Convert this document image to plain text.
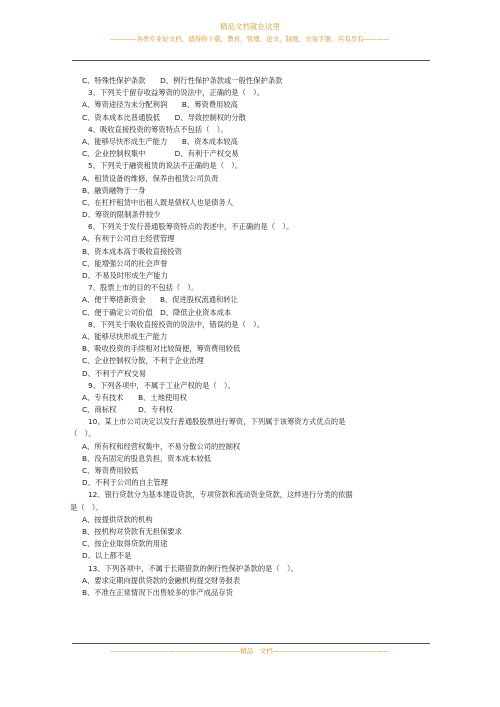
精品文档就在这里
————各类专业好文档，值得你下载，教育，管理，论文，制度，方案手册，应有尽有————
C、特殊性保护条款　　D、例行性保护条款或一般性保护条款
3、下列关于留存收益筹资的说法中，正确的是（　）。
A、筹资途径为未分配利润　　B、筹资费用较高
C、资本成本比普通股低　　D、导致控制权的分散
4、吸收直接投资的筹资特点不包括（　）。
A、能够尽快形成生产能力　　B、资本成本较高
C、企业控制权集中　　　　D、有利于产权交易
5、下列关于融资租赁的说法不正确的是（　）。
A、租赁设备的维修，保养由租赁公司负责
B、融资融物于一身
C、在杠杆租赁中出租人既是债权人也是债务人
D、筹资的限制条件较少
6、下列关于发行普通股筹资特点的表述中，不正确的是（　）。
A、有利于公司自主经营管理
B、资本成本高于吸收直接投资
C、能增强公司的社会声誉
D、不易及时形成生产能力
7、股票上市的目的不包括（　）。
A、便于筹措新资金　　B、促进股权流通和转让
C、便于确定公司价值　D、降低企业资本成本
8、下列关于吸收直接投资的说法中，错误的是（　）。
A、能够尽快形成生产能力
B、吸收投资的手续相对比较简便，筹资费用较低
C、企业控制权分散，不利于企业治理
D、不利于产权交易
9、下列各项中，不属于工业产权的是（　）。
A、专有技术　　B、土地使用权
C、商标权　　　D、专利权
10、某上市公司决定以发行普通股股票进行筹资，下列属于该筹资方式优点的是
（　）。
A、所有权和经营权集中，不易分散公司的控制权
B、没有固定的股息负担，资本成本较低
C、筹资费用较低
D、不利于公司的自主管理
12、银行贷款分为基本建设贷款，专项贷款和流动资金贷款，这样进行分类的依据
是（　）。
A、按提供贷款的机构
B、按机构对贷款有无担保要求
C、按企业取得贷款的用途
D、以上都不是
13、下列各项中，不属于长期借款的例行性保护条款的是（　）。
A、要求定期向提供贷款的金融机构提交财务报表
B、不准在正常情况下出售较多的非产成品存货
————————————————————精品　文档——————————————————
